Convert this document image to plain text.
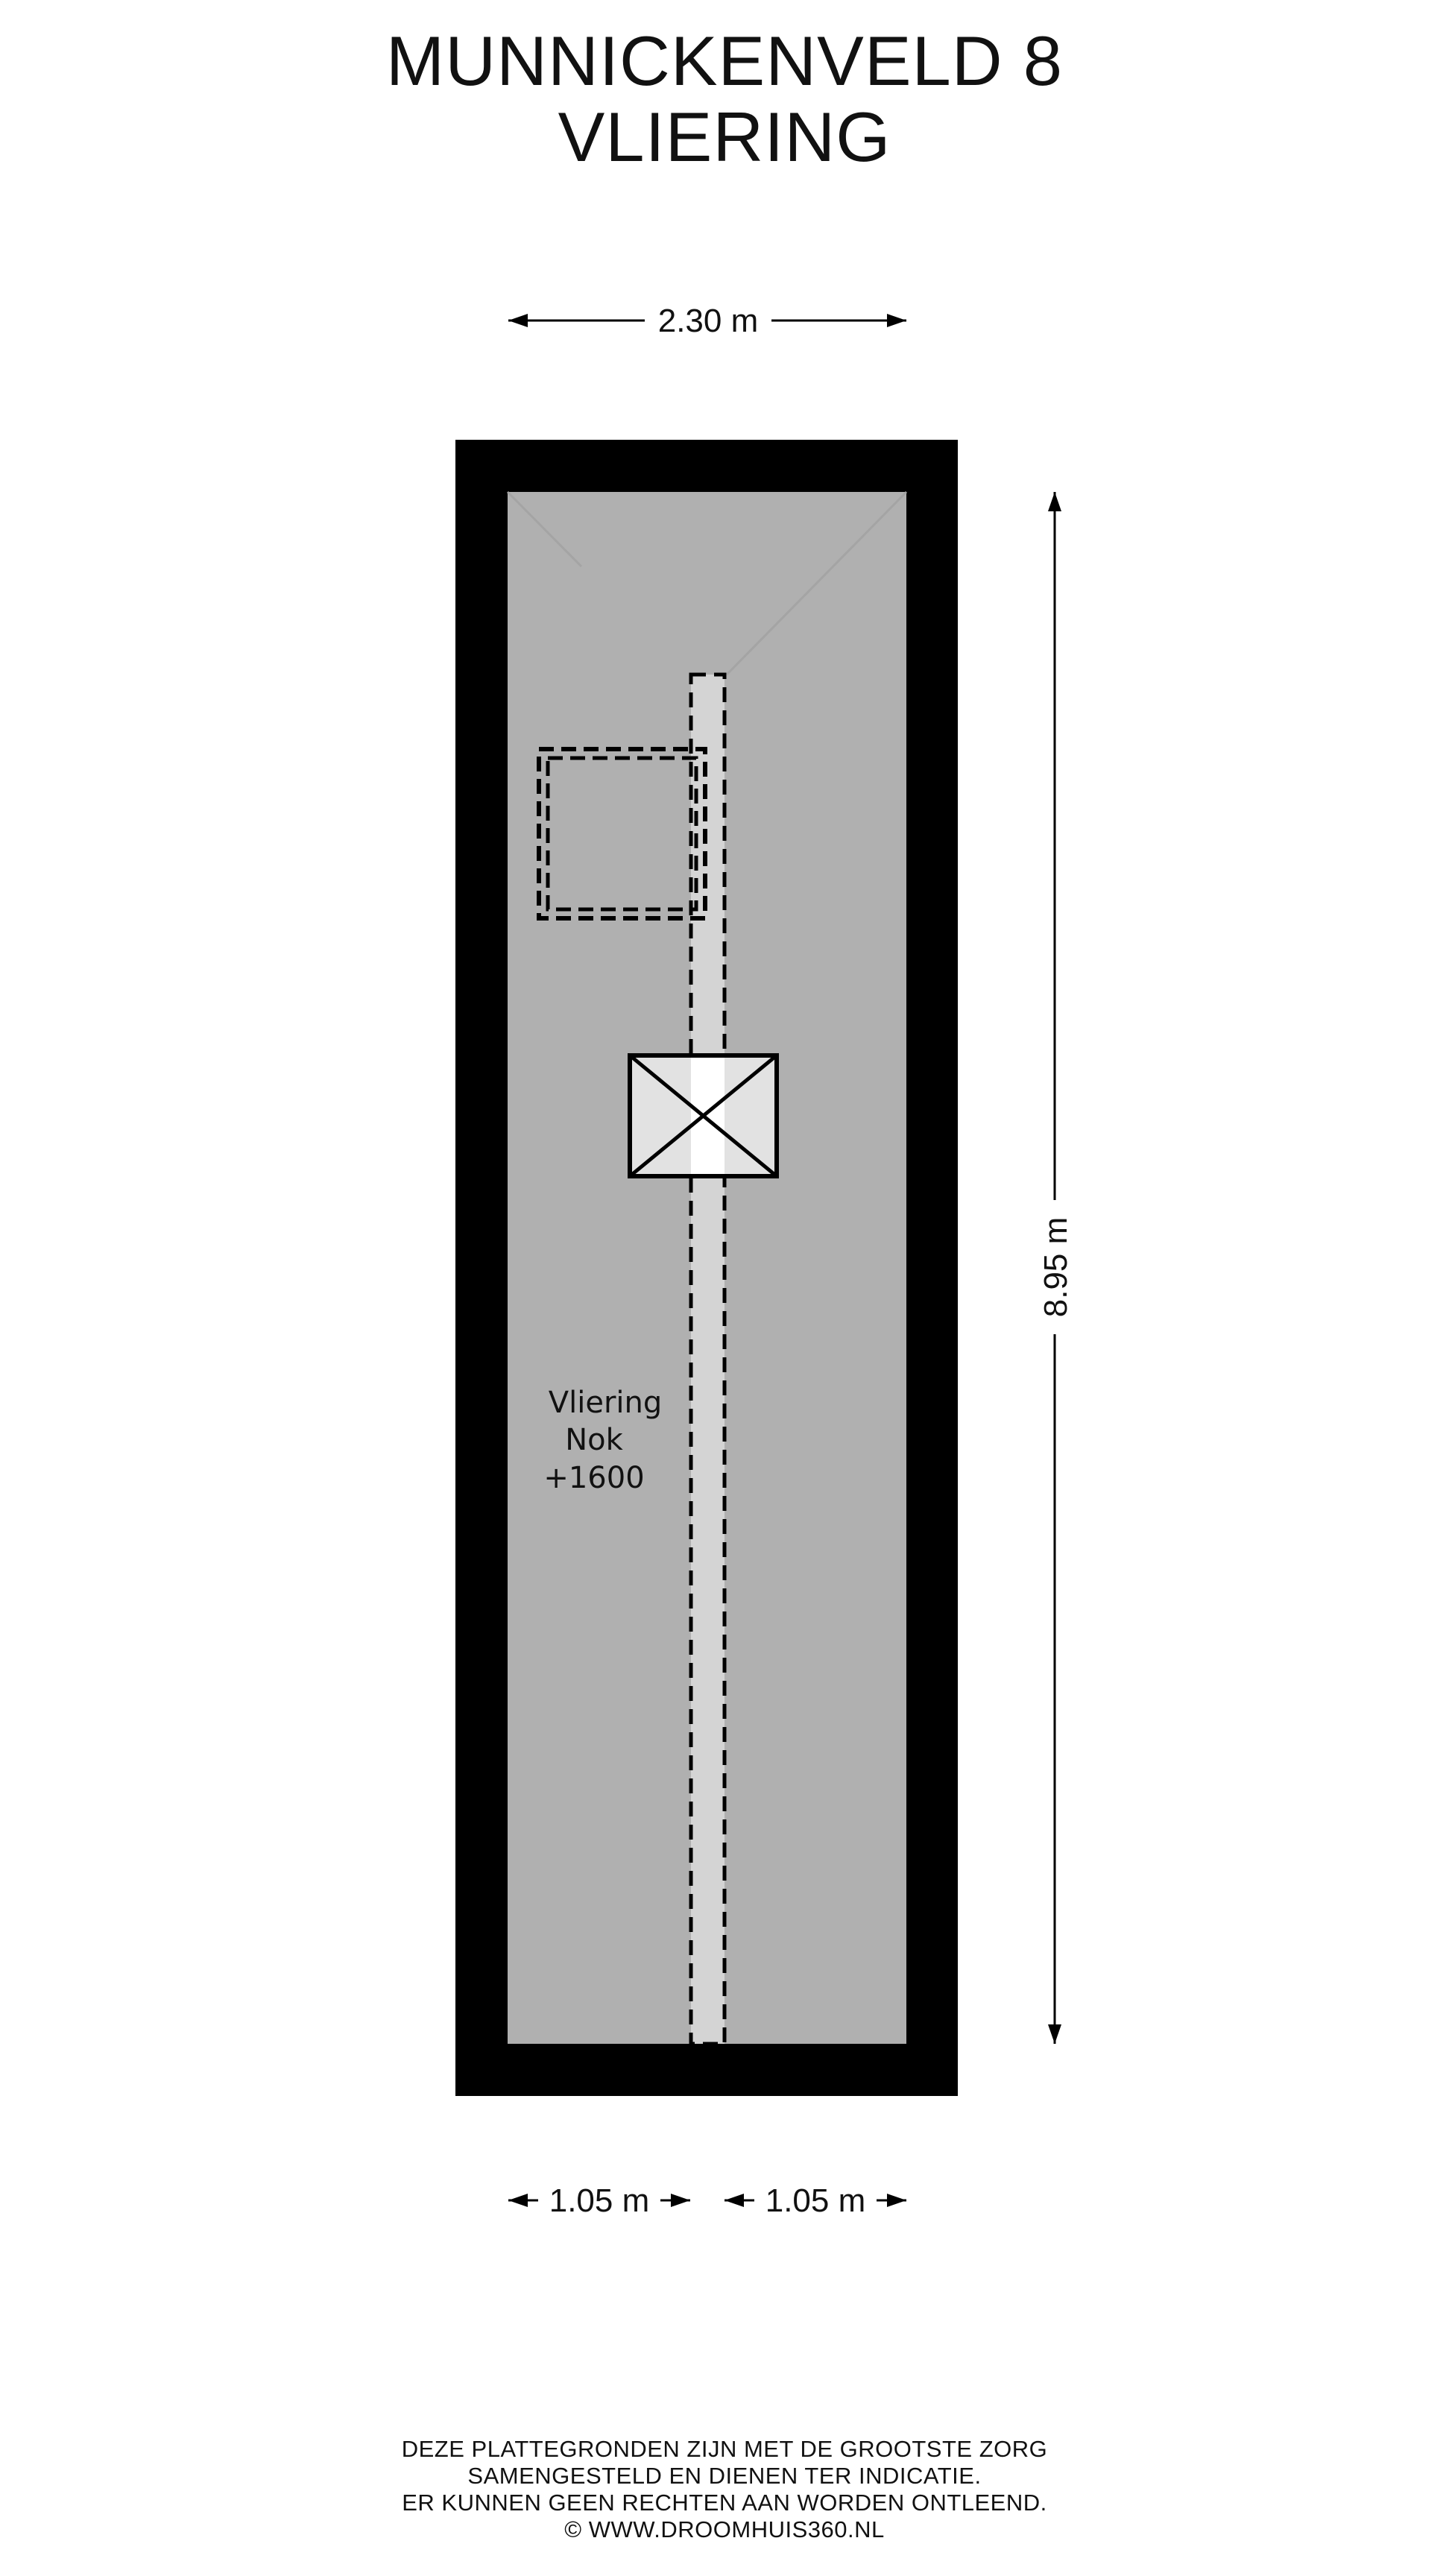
MUNNICKENVELD 8
VLIERING
Vliering
Nok
+1600
2.30 m
8.95 m
1.05 m	1.05 m
DEZE PLATTEGRONDEN ZIJN MET DE GROOTSTE ZORG
SAMENGESTELD EN DIENEN TER INDICATIE.
ER KUNNEN GEEN RECHTEN AAN WORDEN ONTLEEND.
© WWW.DROOMHUIS360.NL
